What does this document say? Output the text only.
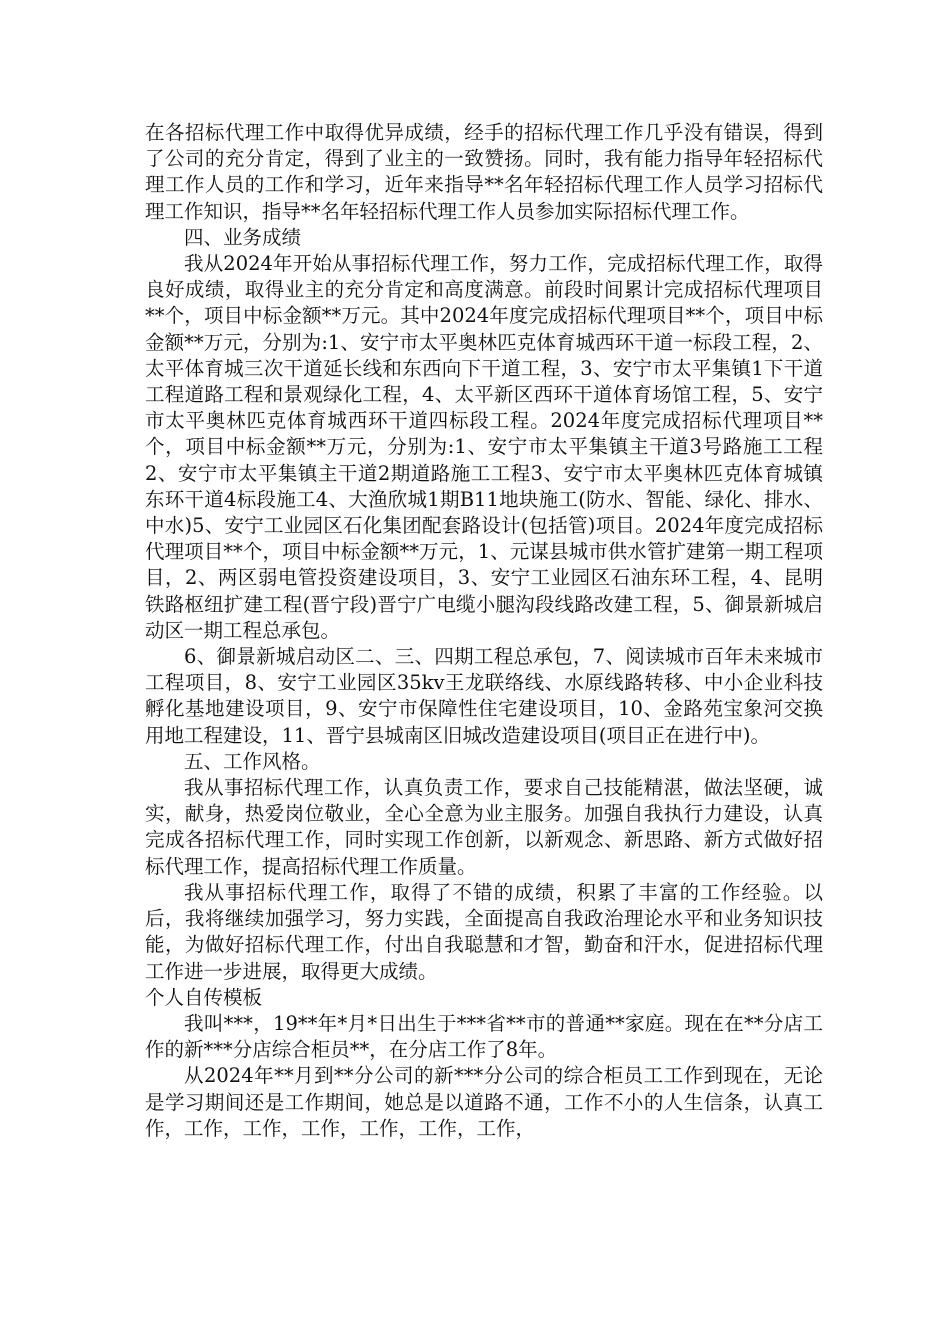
在各招标代理工作中取得优异成绩，经手的招标代理工作几乎没有错误，得到了公司的充分肯定，得到了业主的一致赞扬。同时，我有能力指导年轻招标代理工作人员的工作和学习，近年来指导**名年轻招标代理工作人员学习招标代理工作知识，指导**名年轻招标代理工作人员参加实际招标代理工作。

四、业务成绩

我从2024年开始从事招标代理工作，努力工作，完成招标代理工作，取得良好成绩，取得业主的充分肯定和高度满意。前段时间累计完成招标代理项目**个，项目中标金额**万元。其中2024年度完成招标代理项目**个，项目中标金额**万元，分别为:1、安宁市太平奥林匹克体育城西环干道一标段工程，2、太平体育城三次干道延长线和东西向下干道工程，3、安宁市太平集镇1下干道工程道路工程和景观绿化工程，4、太平新区西环干道体育场馆工程，5、安宁市太平奥林匹克体育城西环干道四标段工程。2024年度完成招标代理项目**个，项目中标金额**万元，分别为:1、安宁市太平集镇主干道3号路施工工程2、安宁市太平集镇主干道2期道路施工工程3、安宁市太平奥林匹克体育城镇东环干道4标段施工4、大渔欣城1期B11地块施工(防水、智能、绿化、排水、中水)5、安宁工业园区石化集团配套路设计(包括管)项目。2024年度完成招标代理项目**个，项目中标金额**万元，1、元谋县城市供水管扩建第一期工程项目，2、两区弱电管投资建设项目，3、安宁工业园区石油东环工程，4、昆明铁路枢纽扩建工程(晋宁段)晋宁广电缆小腿沟段线路改建工程，5、御景新城启动区一期工程总承包。

6、御景新城启动区二、三、四期工程总承包，7、阅读城市百年未来城市工程项目，8、安宁工业园区35kv王龙联络线、水原线路转移、中小企业科技孵化基地建设项目，9、安宁市保障性住宅建设项目，10、金路苑宝象河交换用地工程建设，11、晋宁县城南区旧城改造建设项目(项目正在进行中)。

五、工作风格。

我从事招标代理工作，认真负责工作，要求自己技能精湛，做法坚硬，诚实，献身，热爱岗位敬业，全心全意为业主服务。加强自我执行力建设，认真完成各招标代理工作，同时实现工作创新，以新观念、新思路、新方式做好招标代理工作，提高招标代理工作质量。

我从事招标代理工作，取得了不错的成绩，积累了丰富的工作经验。以后，我将继续加强学习，努力实践，全面提高自我政治理论水平和业务知识技能，为做好招标代理工作，付出自我聪慧和才智，勤奋和汗水，促进招标代理工作进一步进展，取得更大成绩。

个人自传模板

我叫***，19**年*月*日出生于***省**市的普通**家庭。现在在**分店工作的新***分店综合柜员**，在分店工作了8年。

从2024年**月到**分公司的新***分公司的综合柜员工工作到现在，无论是学习期间还是工作期间，她总是以道路不通，工作不小的人生信条，认真工作，工作，工作，工作，工作，工作，工作，
